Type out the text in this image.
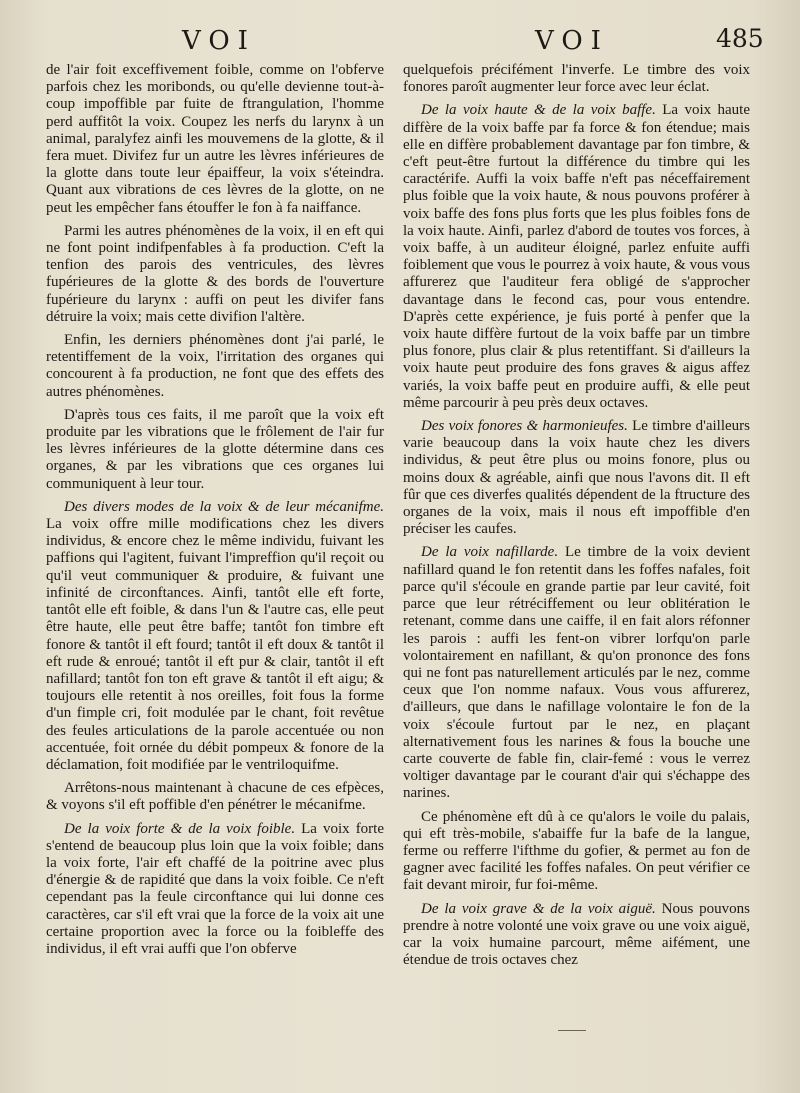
VOI	VOI	485

de l'air foit exceffivement foible, comme on l'obferve parfois chez les moribonds, ou qu'elle devienne tout-à-coup impoffible par fuite de ftrangulation, l'homme perd auffitôt la voix. Coupez les nerfs du larynx à un animal, paralyfez ainfi les mouvemens de la glotte, & il fera muet. Divifez fur un autre les lèvres inférieures de la glotte dans toute leur épaiffeur, la voix s'éteindra. Quant aux vibrations de ces lèvres de la glotte, on ne peut les empêcher fans étouffer le fon à fa naiffance.

Parmi les autres phénomènes de la voix, il en eft qui ne font point indifpenfables à fa production. C'eft la tenfion des parois des ventricules, des lèvres fupérieures de la glotte & des bords de l'ouverture fupérieure du larynx : auffi on peut les divifer fans détruire la voix; mais cette divifion l'altère.

Enfin, les derniers phénomènes dont j'ai parlé, le retentiffement de la voix, l'irritation des organes qui concourent à fa production, ne font que des effets des autres phénomènes.

D'après tous ces faits, il me paroît que la voix eft produite par les vibrations que le frôlement de l'air fur les lèvres inférieures de la glotte détermine dans ces organes, & par les vibrations que ces organes lui communiquent à leur tour.

Des divers modes de la voix & de leur mécanifme. La voix offre mille modifications chez les divers individus, & encore chez le même individu, fuivant les paffions qui l'agitent, fuivant l'impreffion qu'il reçoit ou qu'il veut communiquer & produire, & fuivant une infinité de circonftances. Ainfi, tantôt elle eft forte, tantôt elle eft foible, & dans l'un & l'autre cas, elle peut être haute, elle peut être baffe; tantôt fon timbre eft fonore & tantôt il eft fourd; tantôt il eft doux & tantôt il eft rude & enroué; tantôt il eft pur & clair, tantôt il eft nafillard; tantôt fon ton eft grave & tantôt il eft aigu; & toujours elle retentit à nos oreilles, foit fous la forme d'un fimple cri, foit modulée par le chant, foit revêtue des feules articulations de la parole accentuée ou non accentuée, foit ornée du débit pompeux & fonore de la déclamation, foit modifiée par le ventriloquifme.

Arrêtons-nous maintenant à chacune de ces efpèces, & voyons s'il eft poffible d'en pénétrer le mécanifme.

De la voix forte & de la voix foible. La voix forte s'entend de beaucoup plus loin que la voix foible; dans la voix forte, l'air eft chaffé de la poitrine avec plus d'énergie & de rapidité que dans la voix foible. Ce n'eft cependant pas la feule circonftance qui lui donne ces caractères, car s'il eft vrai que la force de la voix ait une certaine proportion avec la force ou la foibleffe des individus, il eft vrai auffi que l'on obferve

quelquefois précifément l'inverfe. Le timbre des voix fonores paroît augmenter leur force avec leur éclat.

De la voix haute & de la voix baffe. La voix haute diffère de la voix baffe par fa force & fon étendue; mais elle en diffère probablement davantage par fon timbre, & c'eft peut-être furtout la différence du timbre qui les caractérife. Auffi la voix baffe n'eft pas néceffairement plus foible que la voix haute, & nous pouvons proférer à voix baffe des fons plus forts que les plus foibles fons de la voix haute. Ainfi, parlez d'abord de toutes vos forces, à voix baffe, à un auditeur éloigné, parlez enfuite auffi foiblement que vous le pourrez à voix haute, & vous vous affurerez que l'auditeur fera obligé de s'approcher davantage dans le fecond cas, pour vous entendre. D'après cette expérience, je fuis porté à penfer que la voix haute diffère furtout de la voix baffe par un timbre plus fonore, plus clair & plus retentiffant. Si d'ailleurs la voix haute peut produire des fons graves & aigus affez variés, la voix baffe peut en produire auffi, & elle peut même parcourir à peu près deux octaves.

Des voix fonores & harmonieufes. Le timbre d'ailleurs varie beaucoup dans la voix haute chez les divers individus, & peut être plus ou moins fonore, plus ou moins doux & agréable, ainfi que nous l'avons dit. Il eft fûr que ces diverfes qualités dépendent de la ftructure des organes de la voix, mais il nous eft impoffible d'en préciser les caufes.

De la voix nafillarde. Le timbre de la voix devient nafillard quand le fon retentit dans les foffes nafales, foit parce qu'il s'écoule en grande partie par leur cavité, foit parce que leur rétréciffement ou leur oblitération le retenant, comme dans une caiffe, il en fait alors réfonner les parois : auffi les fent-on vibrer lorfqu'on parle volontairement en nafillant, & qu'on prononce des fons qui ne font pas naturellement articulés par le nez, comme ceux que l'on nomme nafaux. Vous vous affurerez, d'ailleurs, que dans le nafillage volontaire le fon de la voix s'écoule furtout par le nez, en plaçant alternativement fous les narines & fous la bouche une carte couverte de fable fin, clair-femé : vous le verrez voltiger davantage par le courant d'air qui s'échappe des narines.

Ce phénomène eft dû à ce qu'alors le voile du palais, qui eft très-mobile, s'abaiffe fur la bafe de la langue, ferme ou refferre l'ifthme du gofier, & permet au fon de gagner avec facilité les foffes nafales. On peut vérifier ce fait devant miroir, fur foi-même.

De la voix grave & de la voix aiguë. Nous pouvons prendre à notre volonté une voix grave ou une voix aiguë, car la voix humaine parcourt, même aifément, une étendue de trois octaves chez
